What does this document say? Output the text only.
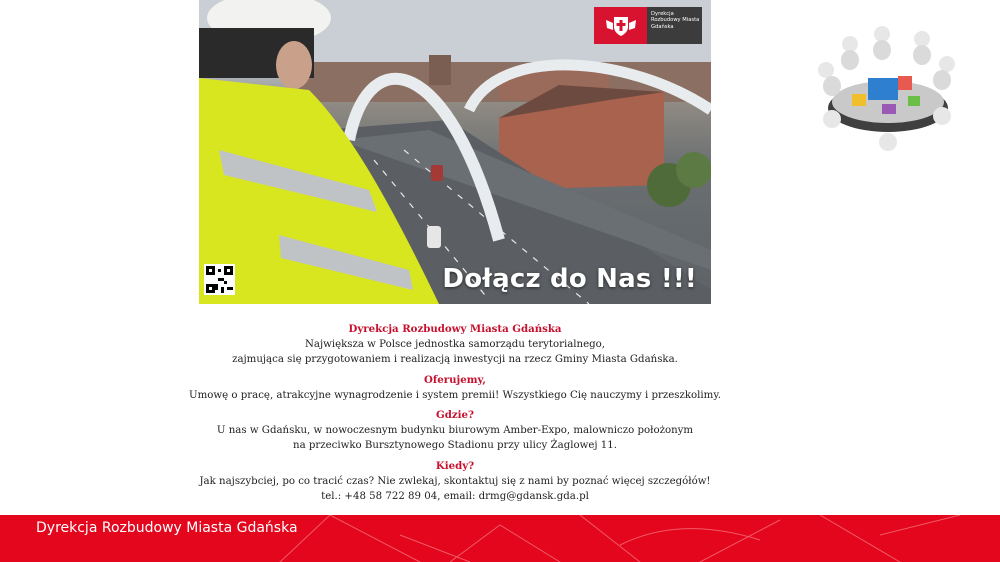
Dyrekcja Rozbudowy Miasta Gdańska
Dołącz do Nas !!!
Dyrekcja Rozbudowy Miasta Gdańska
Największa w Polsce jednostka samorządu terytorialnego,
zajmująca się przygotowaniem i realizacją inwestycji na rzecz Gminy Miasta Gdańska.
Oferujemy,
Umowę o pracę, atrakcyjne wynagrodzenie i system premii! Wszystkiego Cię nauczymy i przeszkolimy.
Gdzie?
U nas w Gdańsku, w nowoczesnym budynku biurowym Amber-Expo, malowniczo położonym
na przeciwko Bursztynowego Stadionu przy ulicy Żaglowej 11.
Kiedy?
Jak najszybciej, po co tracić czas? Nie zwlekaj, skontaktuj się z nami by poznać więcej szczegółów!
tel.: +48 58 722 89 04, email: drmg@gdansk.gda.pl
Dyrekcja Rozbudowy Miasta Gdańska
